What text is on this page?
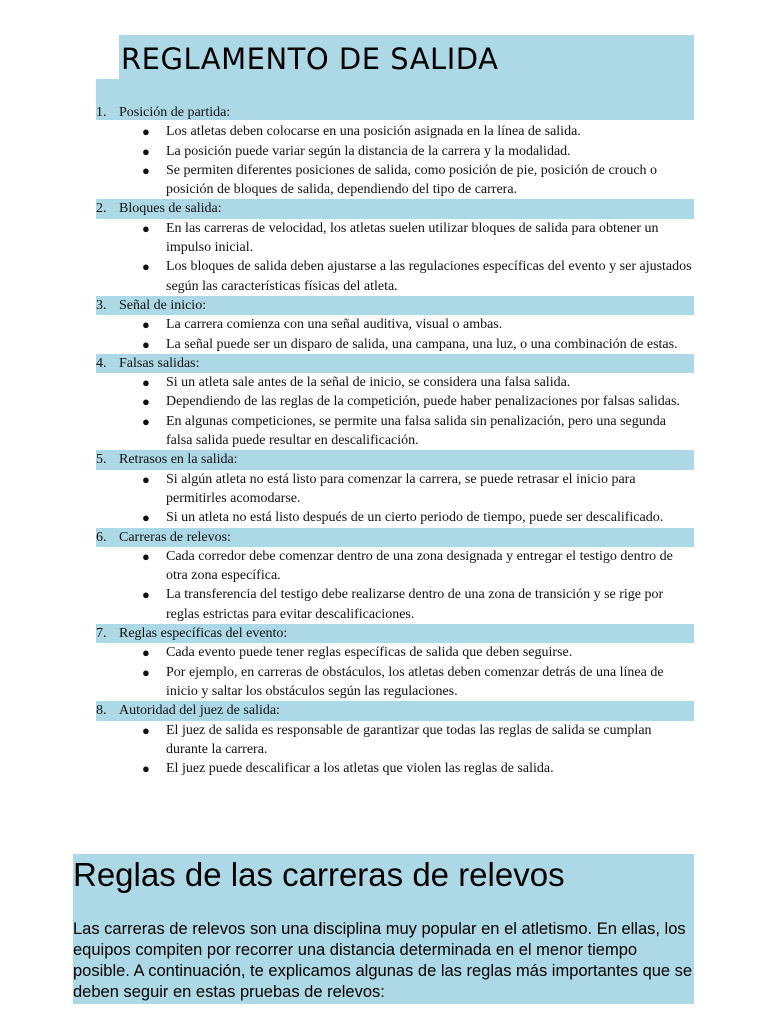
REGLAMENTO DE SALIDA
1. Posición de partida:
● Los atletas deben colocarse en una posición asignada en la línea de salida.
● La posición puede variar según la distancia de la carrera y la modalidad.
● Se permiten diferentes posiciones de salida, como posición de pie, posición de crouch o posición de bloques de salida, dependiendo del tipo de carrera.
2. Bloques de salida:
● En las carreras de velocidad, los atletas suelen utilizar bloques de salida para obtener un impulso inicial.
● Los bloques de salida deben ajustarse a las regulaciones específicas del evento y ser ajustados según las características físicas del atleta.
3. Señal de inicio:
● La carrera comienza con una señal auditiva, visual o ambas.
● La señal puede ser un disparo de salida, una campana, una luz, o una combinación de estas.
4. Falsas salidas:
● Si un atleta sale antes de la señal de inicio, se considera una falsa salida.
● Dependiendo de las reglas de la competición, puede haber penalizaciones por falsas salidas.
● En algunas competiciones, se permite una falsa salida sin penalización, pero una segunda falsa salida puede resultar en descalificación.
5. Retrasos en la salida:
● Si algún atleta no está listo para comenzar la carrera, se puede retrasar el inicio para permitirles acomodarse.
● Si un atleta no está listo después de un cierto periodo de tiempo, puede ser descalificado.
6. Carreras de relevos:
● Cada corredor debe comenzar dentro de una zona designada y entregar el testigo dentro de otra zona específica.
● La transferencia del testigo debe realizarse dentro de una zona de transición y se rige por reglas estrictas para evitar descalificaciones.
7. Reglas específicas del evento:
● Cada evento puede tener reglas específicas de salida que deben seguirse.
● Por ejemplo, en carreras de obstáculos, los atletas deben comenzar detrás de una línea de inicio y saltar los obstáculos según las regulaciones.
8. Autoridad del juez de salida:
● El juez de salida es responsable de garantizar que todas las reglas de salida se cumplan durante la carrera.
● El juez puede descalificar a los atletas que violen las reglas de salida.
Reglas de las carreras de relevos

Las carreras de relevos son una disciplina muy popular en el atletismo. En ellas, los equipos compiten por recorrer una distancia determinada en el menor tiempo posible. A continuación, te explicamos algunas de las reglas más importantes que se deben seguir en estas pruebas de relevos:
